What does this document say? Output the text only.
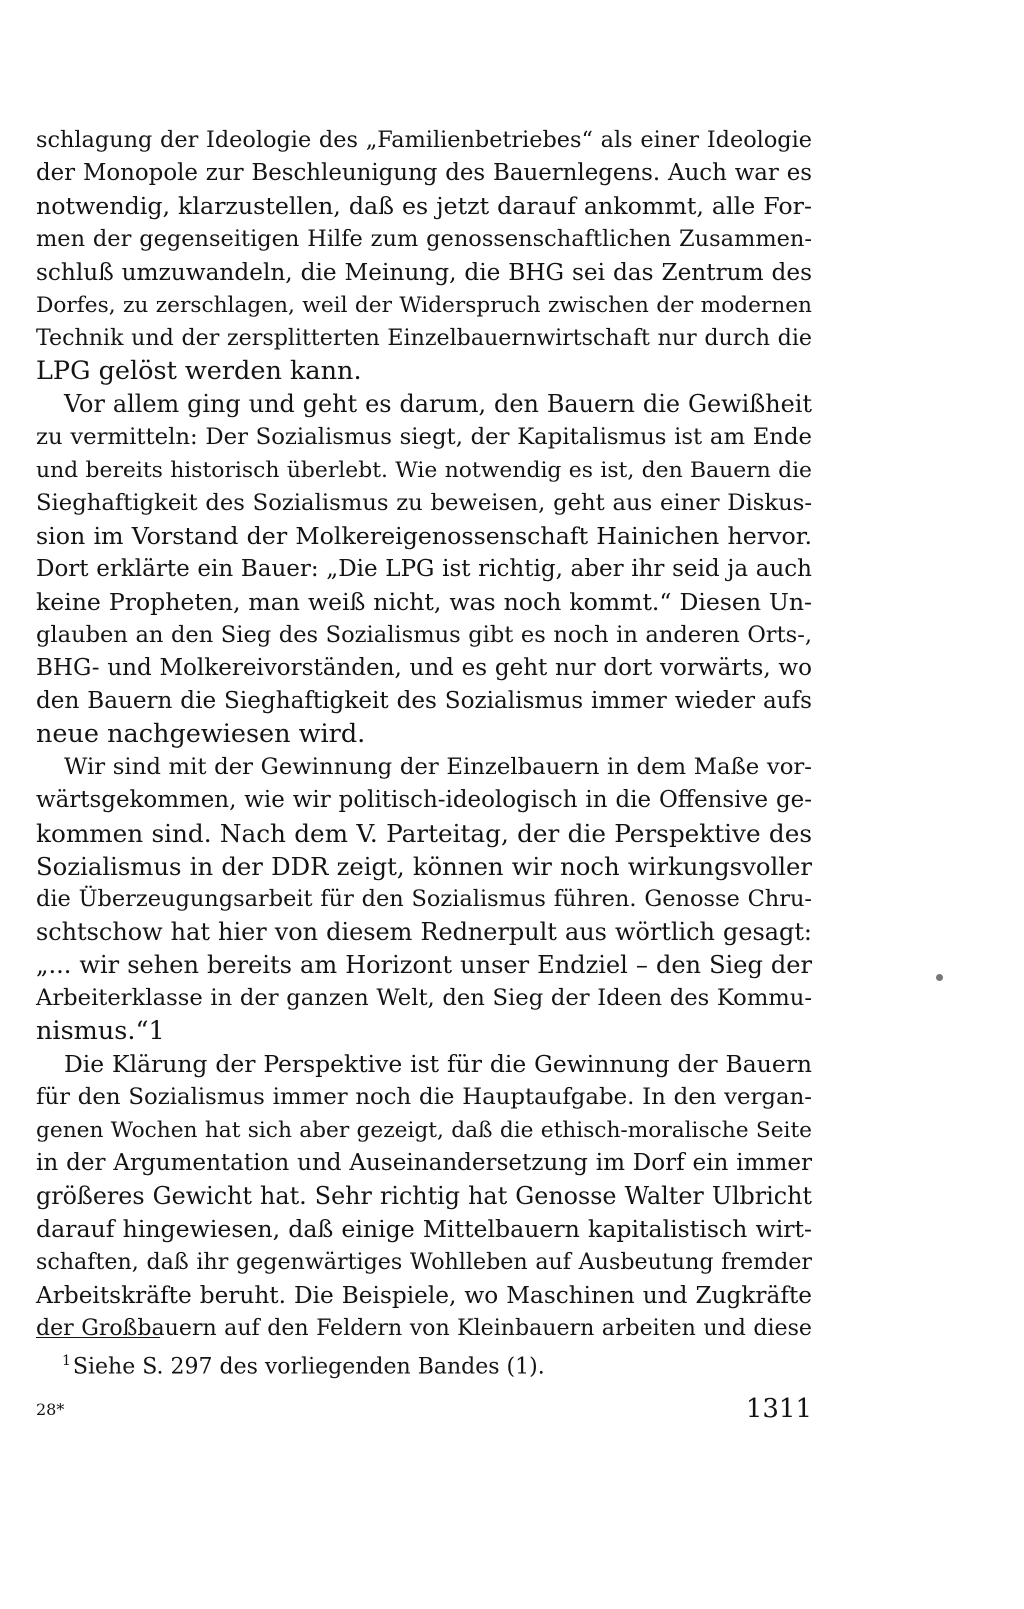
schlagung der Ideologie des „Familienbetriebes“ als einer Ideologie
der Monopole zur Beschleunigung des Bauernlegens. Auch war es
notwendig, klarzustellen, daß es jetzt darauf ankommt, alle For-
men der gegenseitigen Hilfe zum genossenschaftlichen Zusammen-
schluß umzuwandeln, die Meinung, die BHG sei das Zentrum des
Dorfes, zu zerschlagen, weil der Widerspruch zwischen der modernen
Technik und der zersplitterten Einzelbauernwirtschaft nur durch die
LPG gelöst werden kann.
Vor allem ging und geht es darum, den Bauern die Gewißheit
zu vermitteln: Der Sozialismus siegt, der Kapitalismus ist am Ende
und bereits historisch überlebt. Wie notwendig es ist, den Bauern die
Sieghaftigkeit des Sozialismus zu beweisen, geht aus einer Diskus-
sion im Vorstand der Molkereigenossenschaft Hainichen hervor.
Dort erklärte ein Bauer: „Die LPG ist richtig, aber ihr seid ja auch
keine Propheten, man weiß nicht, was noch kommt.“ Diesen Un-
glauben an den Sieg des Sozialismus gibt es noch in anderen Orts-,
BHG- und Molkereivorständen, und es geht nur dort vorwärts, wo
den Bauern die Sieghaftigkeit des Sozialismus immer wieder aufs
neue nachgewiesen wird.
Wir sind mit der Gewinnung der Einzelbauern in dem Maße vor-
wärtsgekommen, wie wir politisch-ideologisch in die Offensive ge-
kommen sind. Nach dem V. Parteitag, der die Perspektive des
Sozialismus in der DDR zeigt, können wir noch wirkungsvoller
die Überzeugungsarbeit für den Sozialismus führen. Genosse Chru-
schtschow hat hier von diesem Rednerpult aus wörtlich gesagt:
„... wir sehen bereits am Horizont unser Endziel – den Sieg der
Arbeiterklasse in der ganzen Welt, den Sieg der Ideen des Kommu-
nismus.“1
Die Klärung der Perspektive ist für die Gewinnung der Bauern
für den Sozialismus immer noch die Hauptaufgabe. In den vergan-
genen Wochen hat sich aber gezeigt, daß die ethisch-moralische Seite
in der Argumentation und Auseinandersetzung im Dorf ein immer
größeres Gewicht hat. Sehr richtig hat Genosse Walter Ulbricht
darauf hingewiesen, daß einige Mittelbauern kapitalistisch wirt-
schaften, daß ihr gegenwärtiges Wohlleben auf Ausbeutung fremder
Arbeitskräfte beruht. Die Beispiele, wo Maschinen und Zugkräfte
der Großbauern auf den Feldern von Kleinbauern arbeiten und diese
$^1$Siehe S. 297 des vorliegenden Bandes (1).
28*	1311
